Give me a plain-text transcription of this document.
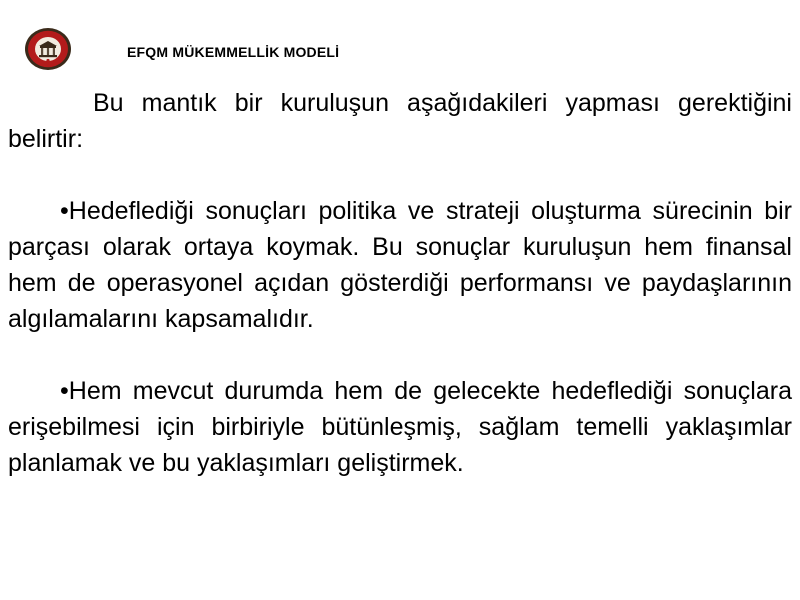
EFQM MÜKEMMELLİK MODELİ

Bu mantık bir kuruluşun aşağıdakileri yapması gerektiğini belirtir:

•Hedeflediği sonuçları politika ve strateji oluşturma sürecinin bir parçası olarak ortaya koymak. Bu sonuçlar kuruluşun hem finansal hem de operasyonel açıdan gösterdiği performansı ve paydaşlarının algılamalarını kapsamalıdır.

•Hem mevcut durumda hem de gelecekte hedeflediği sonuçlara erişebilmesi için birbiriyle bütünleşmiş, sağlam temelli yaklaşımlar planlamak ve bu yaklaşımları geliştirmek.
